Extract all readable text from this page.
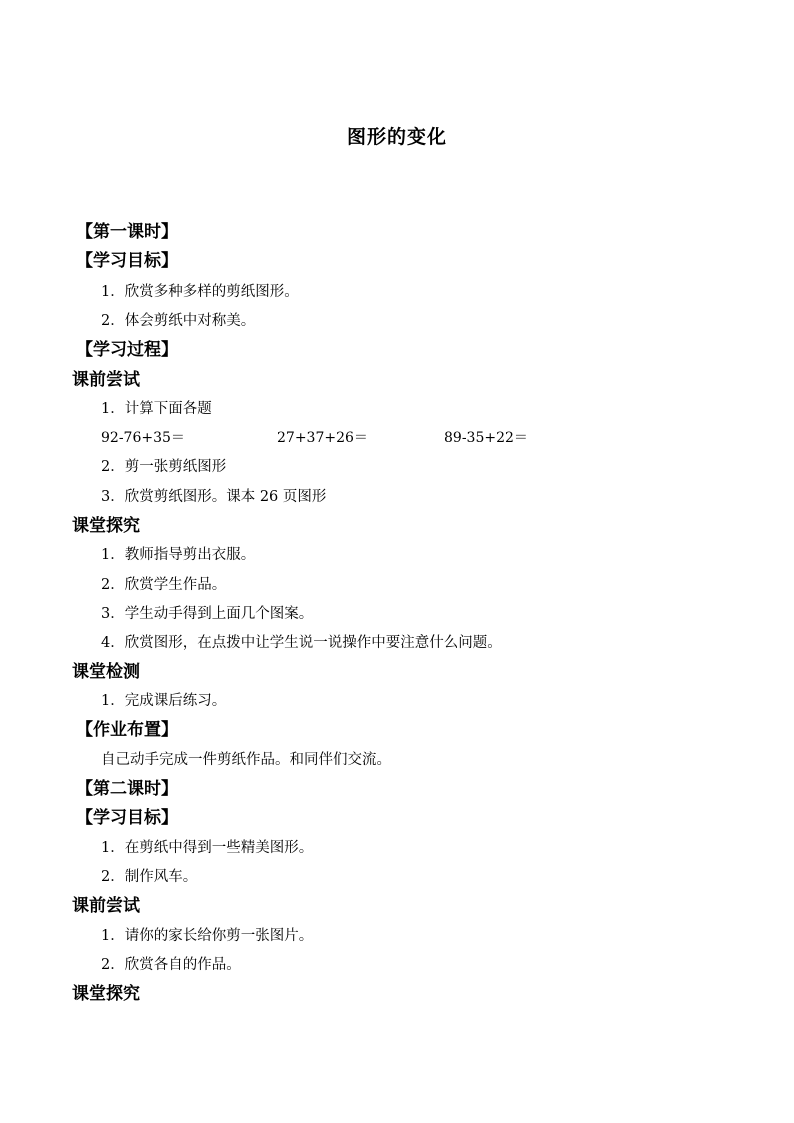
图形的变化
【第一课时】
【学习目标】
1．欣赏多种多样的剪纸图形。
2．体会剪纸中对称美。
【学习过程】
课前尝试
1．计算下面各题
92-76+35＝	27+37+26＝	89-35+22＝
2．剪一张剪纸图形
3．欣赏剪纸图形。课本 26 页图形
课堂探究
1．教师指导剪出衣服。
2．欣赏学生作品。
3．学生动手得到上面几个图案。
4．欣赏图形，在点拨中让学生说一说操作中要注意什么问题。
课堂检测
1．完成课后练习。
【作业布置】
自己动手完成一件剪纸作品。和同伴们交流。
【第二课时】
【学习目标】
1．在剪纸中得到一些精美图形。
2．制作风车。
课前尝试
1．请你的家长给你剪一张图片。
2．欣赏各自的作品。
课堂探究
